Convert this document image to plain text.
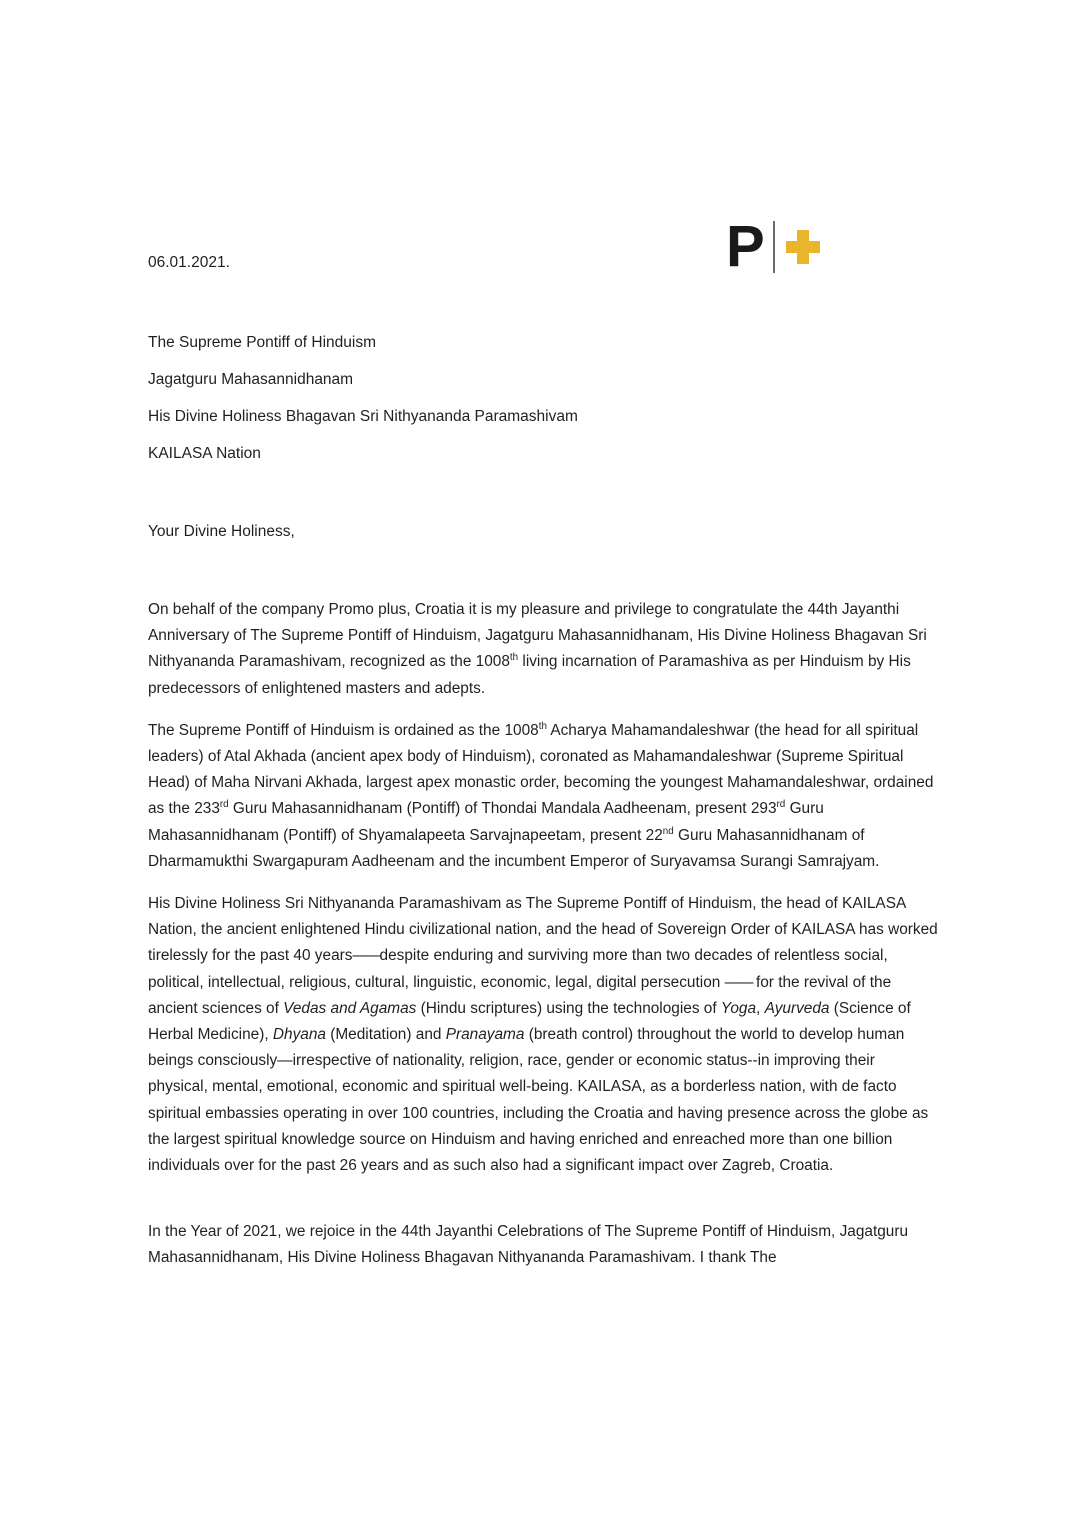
P
06.01.2021.
The Supreme Pontiff of Hinduism
Jagatguru Mahasannidhanam
His Divine Holiness Bhagavan Sri Nithyananda Paramashivam
KAILASA Nation
Your Divine Holiness,

On behalf of the company Promo plus, Croatia it is my pleasure and privilege to congratulate the 44th Jayanthi Anniversary of The Supreme Pontiff of Hinduism, Jagatguru Mahasannidhanam, His Divine Holiness Bhagavan Sri Nithyananda Paramashivam, recognized as the 1008th living incarnation of Paramashiva as per Hinduism by His predecessors of enlightened masters and adepts.

The Supreme Pontiff of Hinduism is ordained as the 1008th Acharya Mahamandaleshwar (the head for all spiritual leaders) of Atal Akhada (ancient apex body of Hinduism), coronated as Mahamandaleshwar (Supreme Spiritual Head) of Maha Nirvani Akhada, largest apex monastic order, becoming the youngest Mahamandaleshwar, ordained as the 233rd Guru Mahasannidhanam (Pontiff) of Thondai Mandala Aadheenam, present 293rd Guru Mahasannidhanam (Pontiff) of Shyamalapeeta Sarvajnapeetam, present 22nd Guru Mahasannidhanam of Dharmamukthi Swargapuram Aadheenam and the incumbent Emperor of Suryavamsa Surangi Samrajyam.

His Divine Holiness Sri Nithyananda Paramashivam as The Supreme Pontiff of Hinduism, the head of KAILASA Nation, the ancient enlightened Hindu civilizational nation, and the head of Sovereign Order of KAILASA has worked tirelessly for the past 40 years——despite enduring and surviving more than two decades of relentless social, political, intellectual, religious, cultural, linguistic, economic, legal, digital persecution —— for the revival of the ancient sciences of Vedas and Agamas (Hindu scriptures) using the technologies of Yoga, Ayurveda (Science of Herbal Medicine), Dhyana (Meditation) and Pranayama (breath control) throughout the world to develop human beings consciously—irrespective of nationality, religion, race, gender or economic status--in improving their physical, mental, emotional, economic and spiritual well-being. KAILASA, as a borderless nation, with de facto spiritual embassies operating in over 100 countries, including the Croatia and having presence across the globe as the largest spiritual knowledge source on Hinduism and having enriched and enreached more than one billion individuals over for the past 26 years and as such also had a significant impact over Zagreb, Croatia.

In the Year of 2021, we rejoice in the 44th Jayanthi Celebrations of The Supreme Pontiff of Hinduism, Jagatguru Mahasannidhanam, His Divine Holiness Bhagavan Nithyananda Paramashivam. I thank The
